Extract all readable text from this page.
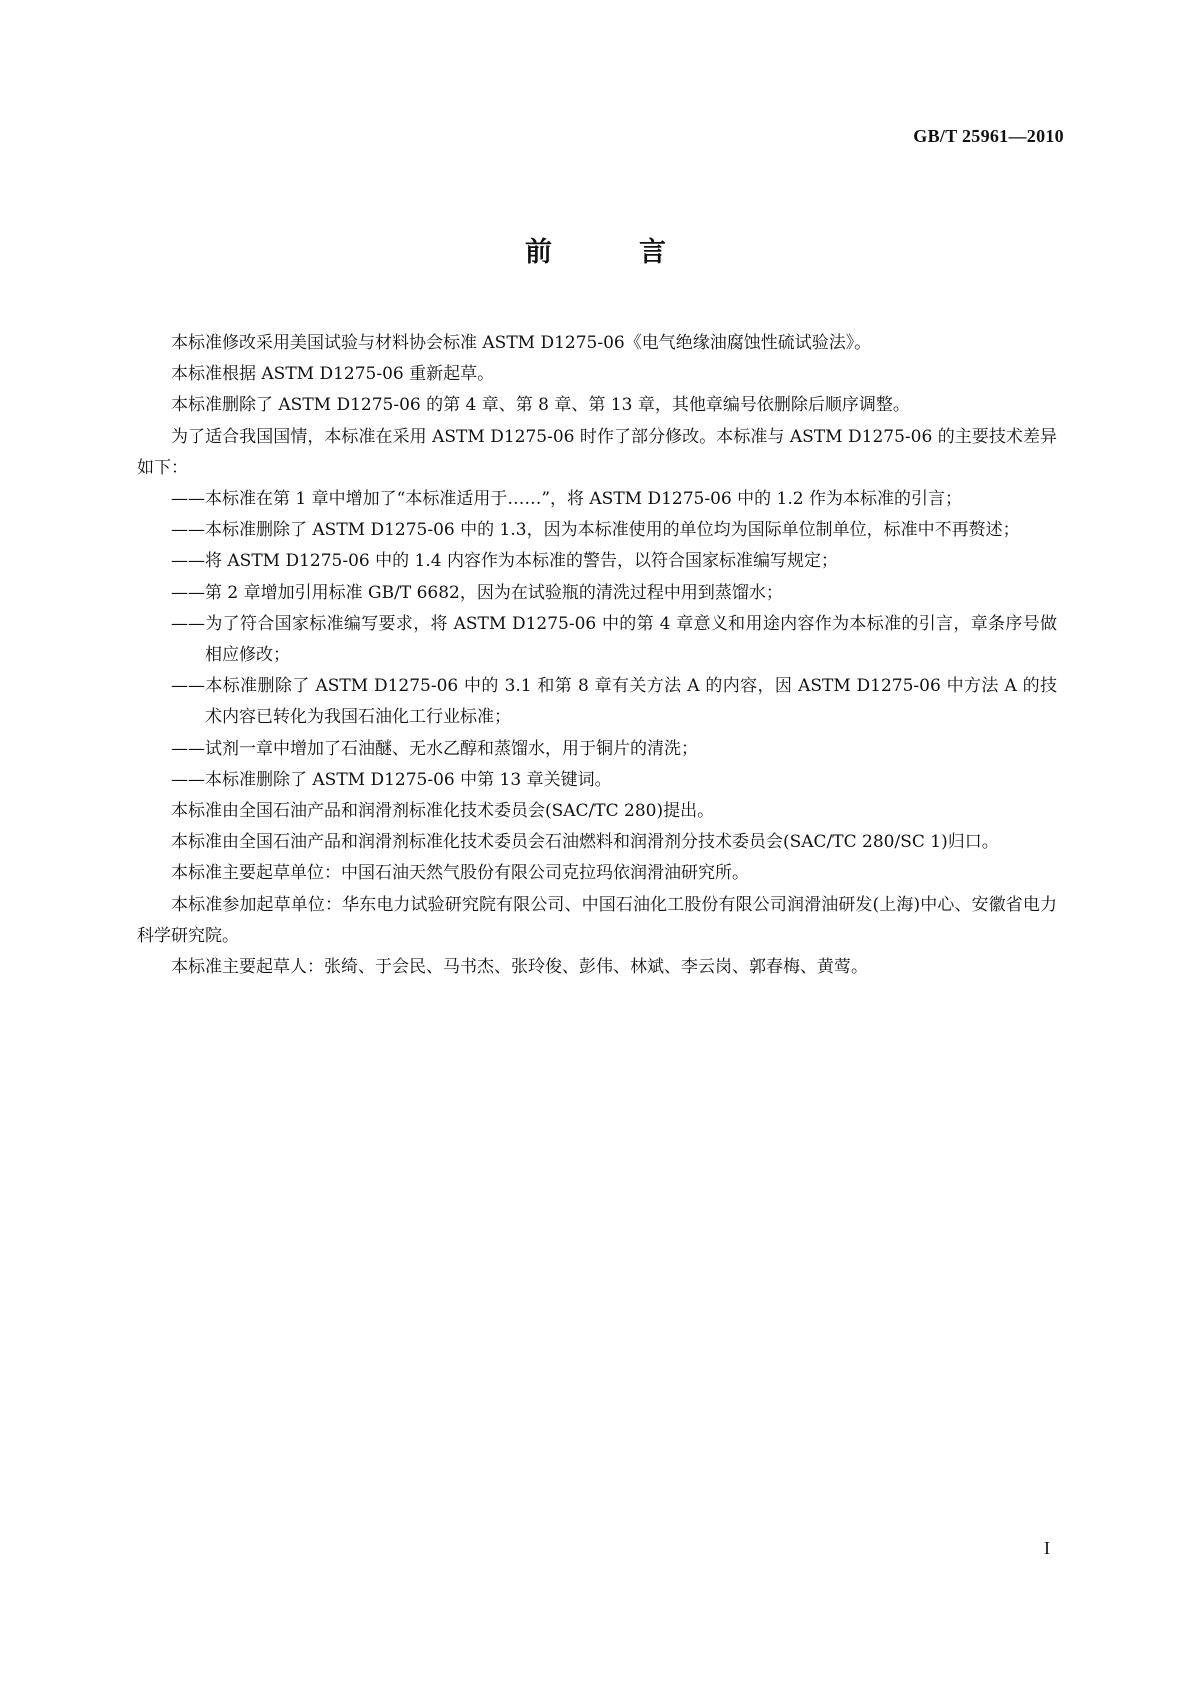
GB/T 25961—2010
前　言

本标准修改采用美国试验与材料协会标准 ASTM D1275-06《电气绝缘油腐蚀性硫试验法》。

本标准根据 ASTM D1275-06 重新起草。

本标准删除了 ASTM D1275-06 的第 4 章、第 8 章、第 13 章，其他章编号依删除后顺序调整。

为了适合我国国情，本标准在采用 ASTM D1275-06 时作了部分修改。本标准与 ASTM D1275-06 的主要技术差异如下：

——本标准在第 1 章中增加了“本标准适用于……”，将 ASTM D1275-06 中的 1.2 作为本标准的引言；

——本标准删除了 ASTM D1275-06 中的 1.3，因为本标准使用的单位均为国际单位制单位，标准中不再赘述；

——将 ASTM D1275-06 中的 1.4 内容作为本标准的警告，以符合国家标准编写规定；

——第 2 章增加引用标准 GB/T 6682，因为在试验瓶的清洗过程中用到蒸馏水；

——为了符合国家标准编写要求，将 ASTM D1275-06 中的第 4 章意义和用途内容作为本标准的引言，章条序号做相应修改；

——本标准删除了 ASTM D1275-06 中的 3.1 和第 8 章有关方法 A 的内容，因 ASTM D1275-06 中方法 A 的技术内容已转化为我国石油化工行业标准；

——试剂一章中增加了石油醚、无水乙醇和蒸馏水，用于铜片的清洗；

——本标准删除了 ASTM D1275-06 中第 13 章关键词。

本标准由全国石油产品和润滑剂标准化技术委员会(SAC/TC 280)提出。

本标准由全国石油产品和润滑剂标准化技术委员会石油燃料和润滑剂分技术委员会(SAC/TC 280/SC 1)归口。

本标准主要起草单位：中国石油天然气股份有限公司克拉玛依润滑油研究所。

本标准参加起草单位：华东电力试验研究院有限公司、中国石油化工股份有限公司润滑油研发(上海)中心、安徽省电力科学研究院。

本标准主要起草人：张绮、于会民、马书杰、张玲俊、彭伟、林斌、李云岗、郭春梅、黄莺。

I
